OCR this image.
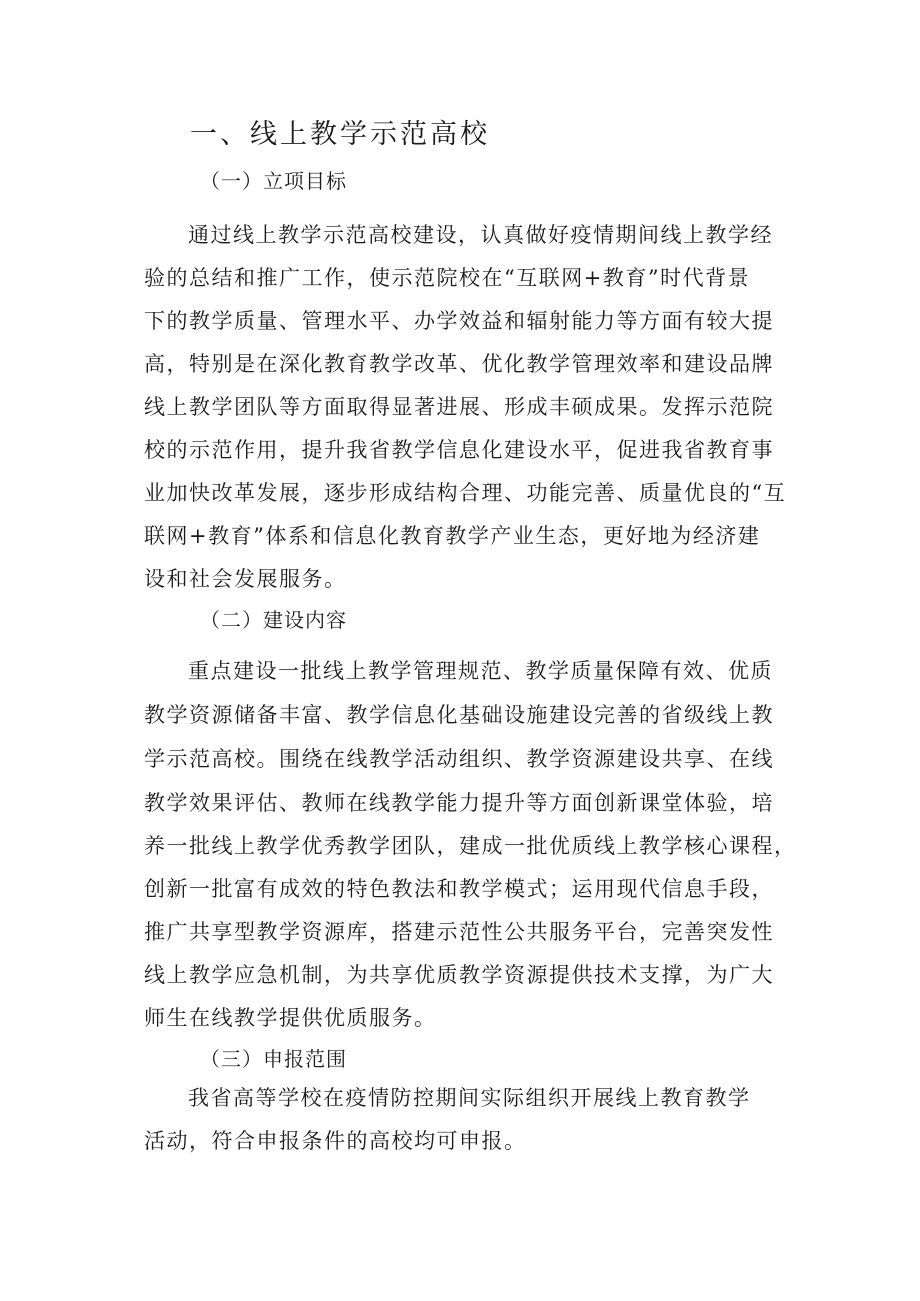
一、线上教学示范高校
（一）立项目标
通过线上教学示范高校建设，认真做好疫情期间线上教学经
验的总结和推广工作，使示范院校在“互联网+教育”时代背景
下的教学质量、管理水平、办学效益和辐射能力等方面有较大提
高，特别是在深化教育教学改革、优化教学管理效率和建设品牌
线上教学团队等方面取得显著进展、形成丰硕成果。发挥示范院
校的示范作用，提升我省教学信息化建设水平，促进我省教育事
业加快改革发展，逐步形成结构合理、功能完善、质量优良的“互
联网+教育”体系和信息化教育教学产业生态，更好地为经济建
设和社会发展服务。
（二）建设内容
重点建设一批线上教学管理规范、教学质量保障有效、优质
教学资源储备丰富、教学信息化基础设施建设完善的省级线上教
学示范高校。围绕在线教学活动组织、教学资源建设共享、在线
教学效果评估、教师在线教学能力提升等方面创新课堂体验，培
养一批线上教学优秀教学团队，建成一批优质线上教学核心课程，
创新一批富有成效的特色教法和教学模式；运用现代信息手段，
推广共享型教学资源库，搭建示范性公共服务平台，完善突发性
线上教学应急机制，为共享优质教学资源提供技术支撑，为广大
师生在线教学提供优质服务。
（三）申报范围
我省高等学校在疫情防控期间实际组织开展线上教育教学
活动，符合申报条件的高校均可申报。
